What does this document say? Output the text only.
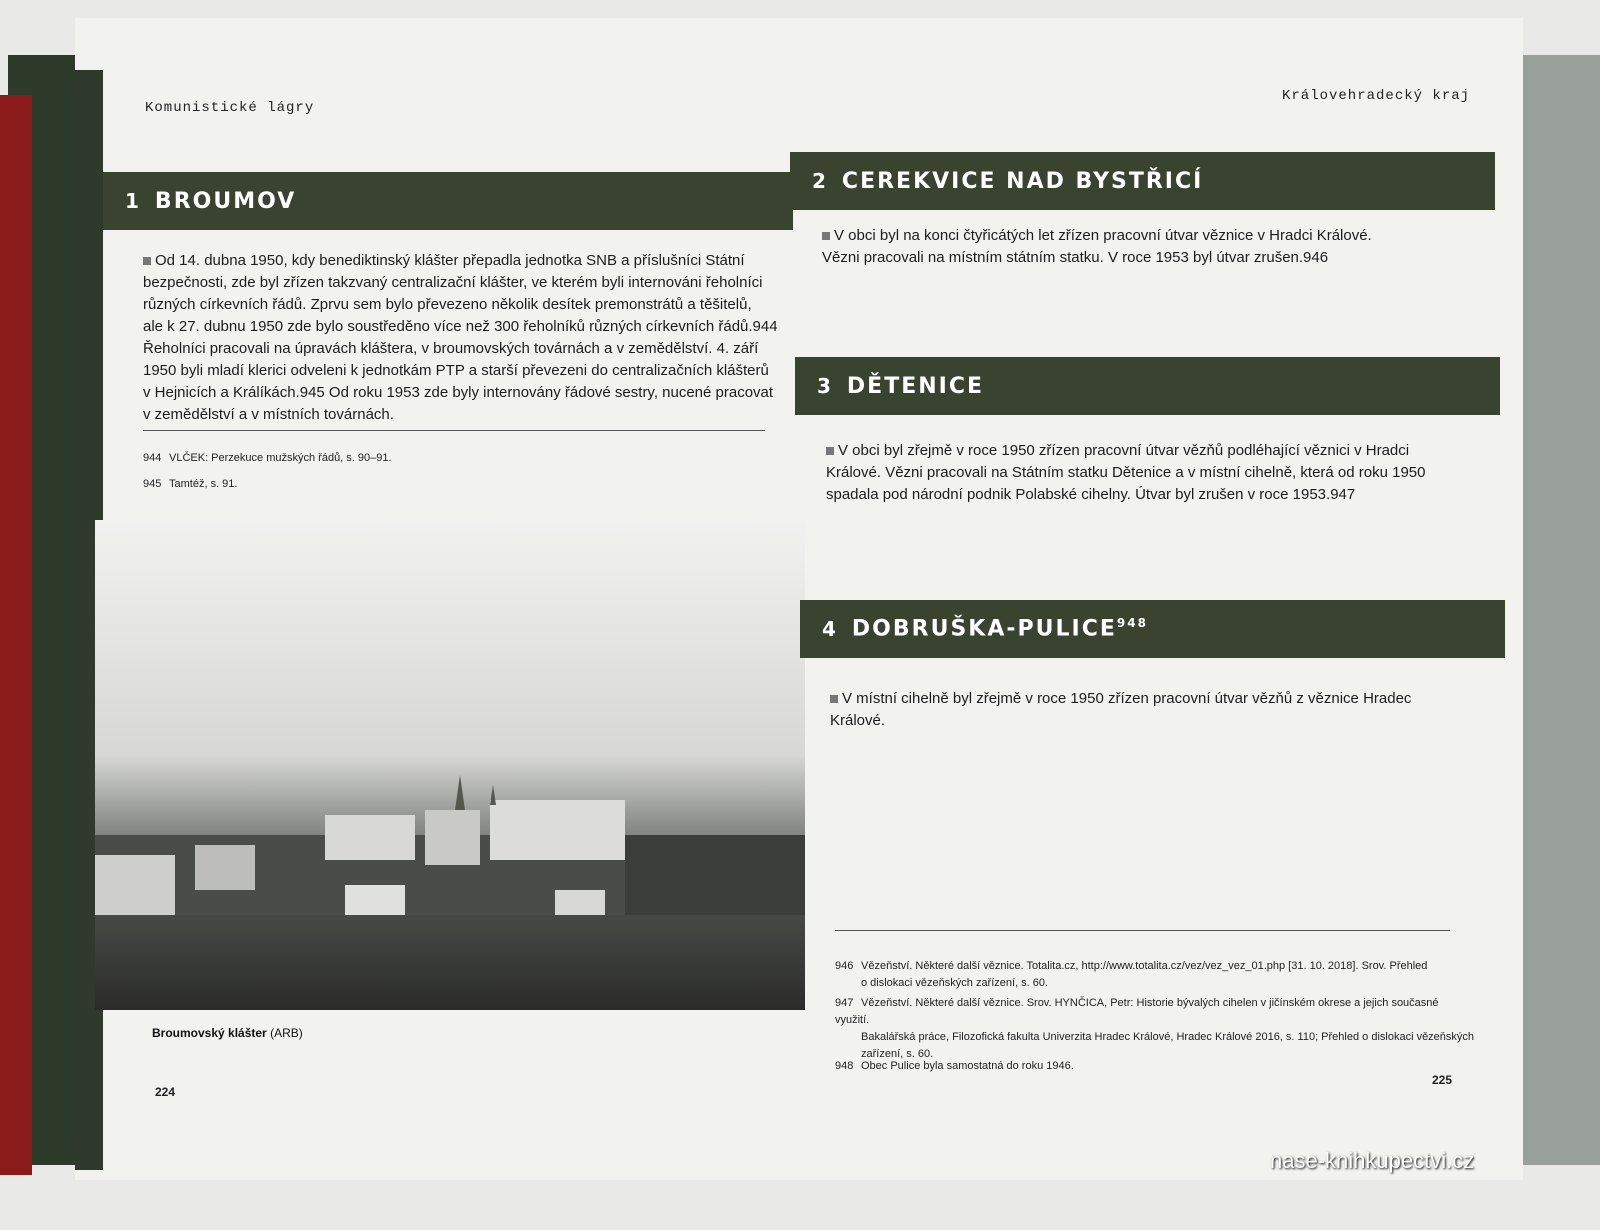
Komunistické lágry
1 BROUMOV
Od 14. dubna 1950, kdy benediktinský klášter přepadla jednotka SNB a příslušníci Státní
bezpečnosti, zde byl zřízen takzvaný centralizační klášter, ve kterém byli internováni řeholníci
různých církevních řádů. Zprvu sem bylo převezeno několik desítek premonstrátů a těšitelů,
ale k 27. dubnu 1950 zde bylo soustředěno více než 300 řeholníků různých církevních řádů.944
Řeholníci pracovali na úpravách kláštera, v broumovských továrnách a v zemědělství. 4. září
1950 byli mladí klerici odveleni k jednotkám PTP a starší převezeni do centralizačních klášterů
v Hejnicích a Králíkách.945 Od roku 1953 zde byly internovány řádové sestry, nucené pracovat
v zemědělství a v místních továrnách.
944 VLČEK: Perzekuce mužských řádů, s. 90–91.
945 Tamtéž, s. 91.
Broumovský klášter (ARB)
224
Královehradecký kraj
2 CEREKVICE NAD BYSTŘICÍ
V obci byl na konci čtyřicátých let zřízen pracovní útvar věznice v Hradci Králové.
Vězni pracovali na místním státním statku. V roce 1953 byl útvar zrušen.946
3 DĚTENICE
V obci byl zřejmě v roce 1950 zřízen pracovní útvar vězňů podléhající věznici v Hradci
Králové. Vězni pracovali na Státním statku Dětenice a v místní cihelně, která od roku 1950
spadala pod národní podnik Polabské cihelny. Útvar byl zrušen v roce 1953.947
4 DOBRUŠKA-PULICE$^{948}$
V místní cihelně byl zřejmě v roce 1950 zřízen pracovní útvar vězňů z věznice Hradec
Králové.
946 Vězeňství. Některé další věznice. Totalita.cz, http://www.totalita.cz/vez/vez_vez_01.php [31. 10. 2018]. Srov. Přehled
o dislokaci vězeňských zařízení, s. 60.
947 Vězeňství. Některé další věznice. Srov. HYNČICA, Petr: Historie bývalých cihelen v jičínském okrese a jejich současné využití.
Bakalářská práce, Filozofická fakulta Univerzita Hradec Králové, Hradec Králové 2016, s. 110; Přehled o dislokaci vězeňských
zařízení, s. 60.
948 Obec Pulice byla samostatná do roku 1946.
225
nase-knihkupectvi.cz
